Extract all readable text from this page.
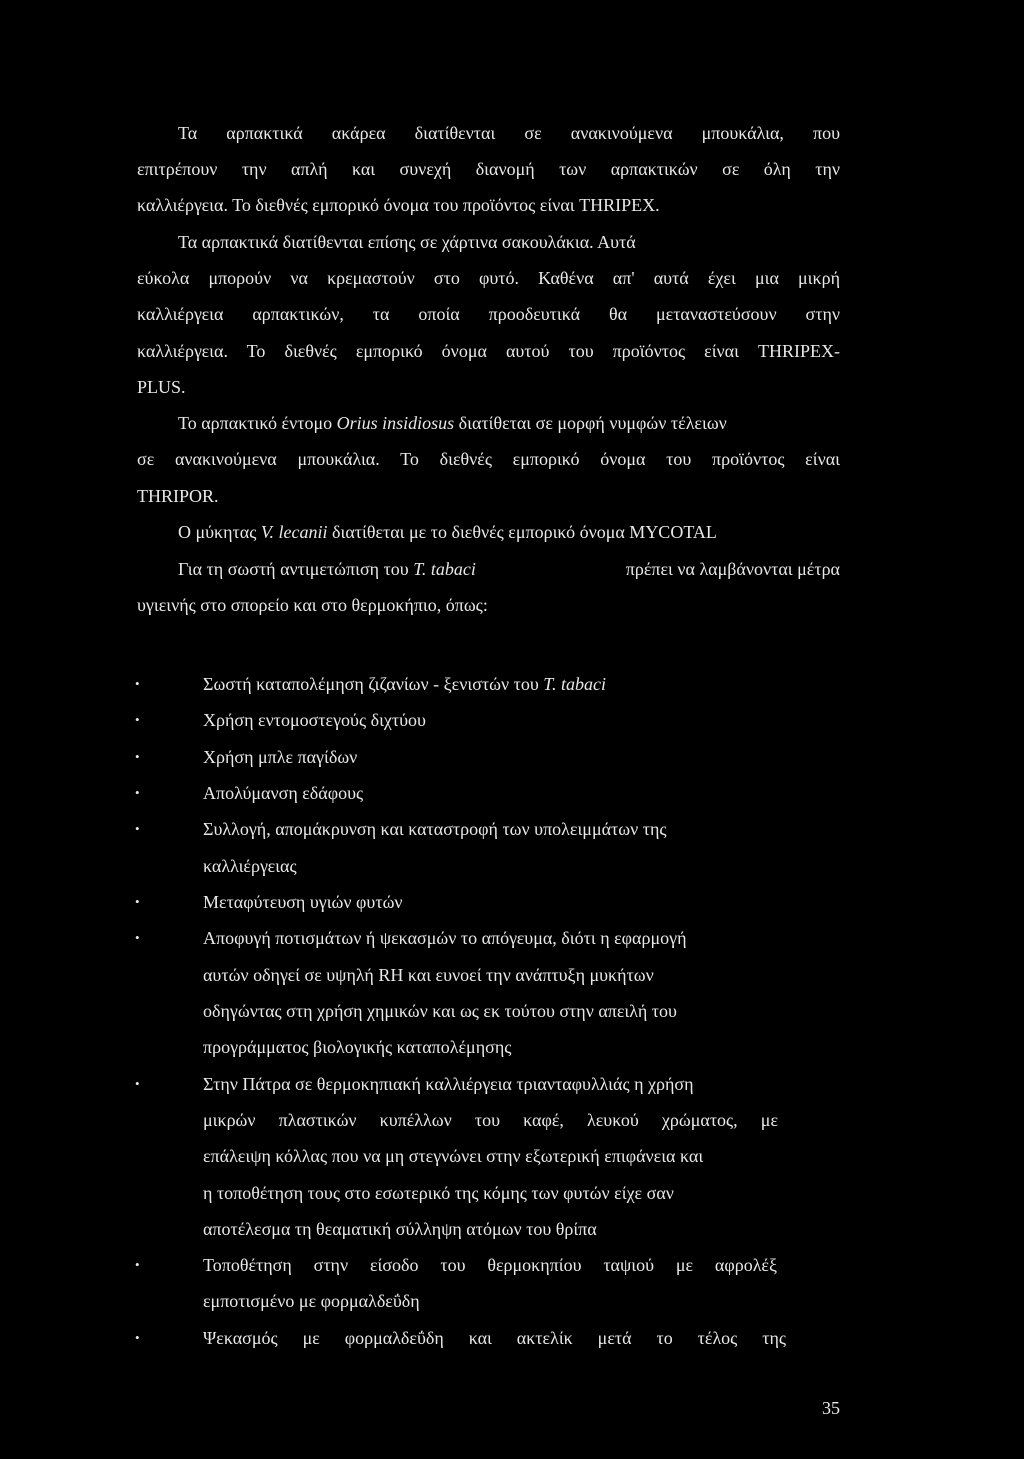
Τα αρπακτικά ακάρεα διατίθενται σε ανακινούμενα μπουκάλια, που
επιτρέπουν την απλή και συνεχή διανομή των αρπακτικών σε όλη την
καλλιέργεια. Το διεθνές εμπορικό όνομα του προϊόντος είναι THRIPEX.
Τα αρπακτικά διατίθενται επίσης σε χάρτινα σακουλάκια. Αυτά
εύκολα μπορούν να κρεμαστούν στο φυτό. Καθένα απ' αυτά έχει μια μικρή
καλλιέργεια αρπακτικών, τα οποία προοδευτικά θα μεταναστεύσουν στην
καλλιέργεια. Το διεθνές εμπορικό όνομα αυτού του προϊόντος είναι THRIPEX-
PLUS.
Το αρπακτικό έντομο Orius insidiosus διατίθεται σε μορφή νυμφών τέλειων
σε ανακινούμενα μπουκάλια. Το διεθνές εμπορικό όνομα του προϊόντος είναι
THRIPOR.
Ο μύκητας V. lecanii διατίθεται με το διεθνές εμπορικό όνομα MYCOTAL
Για τη σωστή αντιμετώπιση του T. tabaci	πρέπει να λαμβάνονται μέτρα
υγιεινής στο σπορείο και στο θερμοκήπιο, όπως:
•	Σωστή καταπολέμηση ζιζανίων - ξενιστών του T. tabaci
•	Χρήση εντομοστεγούς διχτύου
•	Χρήση μπλε παγίδων
•	Απολύμανση εδάφους
•	Συλλογή, απομάκρυνση και καταστροφή των υπολειμμάτων της
καλλιέργειας
•	Μεταφύτευση υγιών φυτών
•	Αποφυγή ποτισμάτων ή ψεκασμών το απόγευμα, διότι η εφαρμογή
αυτών οδηγεί σε υψηλή RH και ευνοεί την ανάπτυξη μυκήτων
οδηγώντας στη χρήση χημικών και ως εκ τούτου στην απειλή του
προγράμματος βιολογικής καταπολέμησης
•	Στην Πάτρα σε θερμοκηπιακή καλλιέργεια τριανταφυλλιάς η χρήση
μικρών πλαστικών κυπέλλων του καφέ, λευκού χρώματος, με
επάλειψη κόλλας που να μη στεγνώνει στην εξωτερική επιφάνεια και
η τοποθέτηση τους στο εσωτερικό της κόμης των φυτών είχε σαν
αποτέλεσμα τη θεαματική σύλληψη ατόμων του θρίπα
•	Τοποθέτηση στην είσοδο του θερμοκηπίου ταψιού με αφρολέξ
εμποτισμένο με φορμαλδεΰδη
•	Ψεκασμός με φορμαλδεΰδη και ακτελίκ μετά το τέλος της
35
